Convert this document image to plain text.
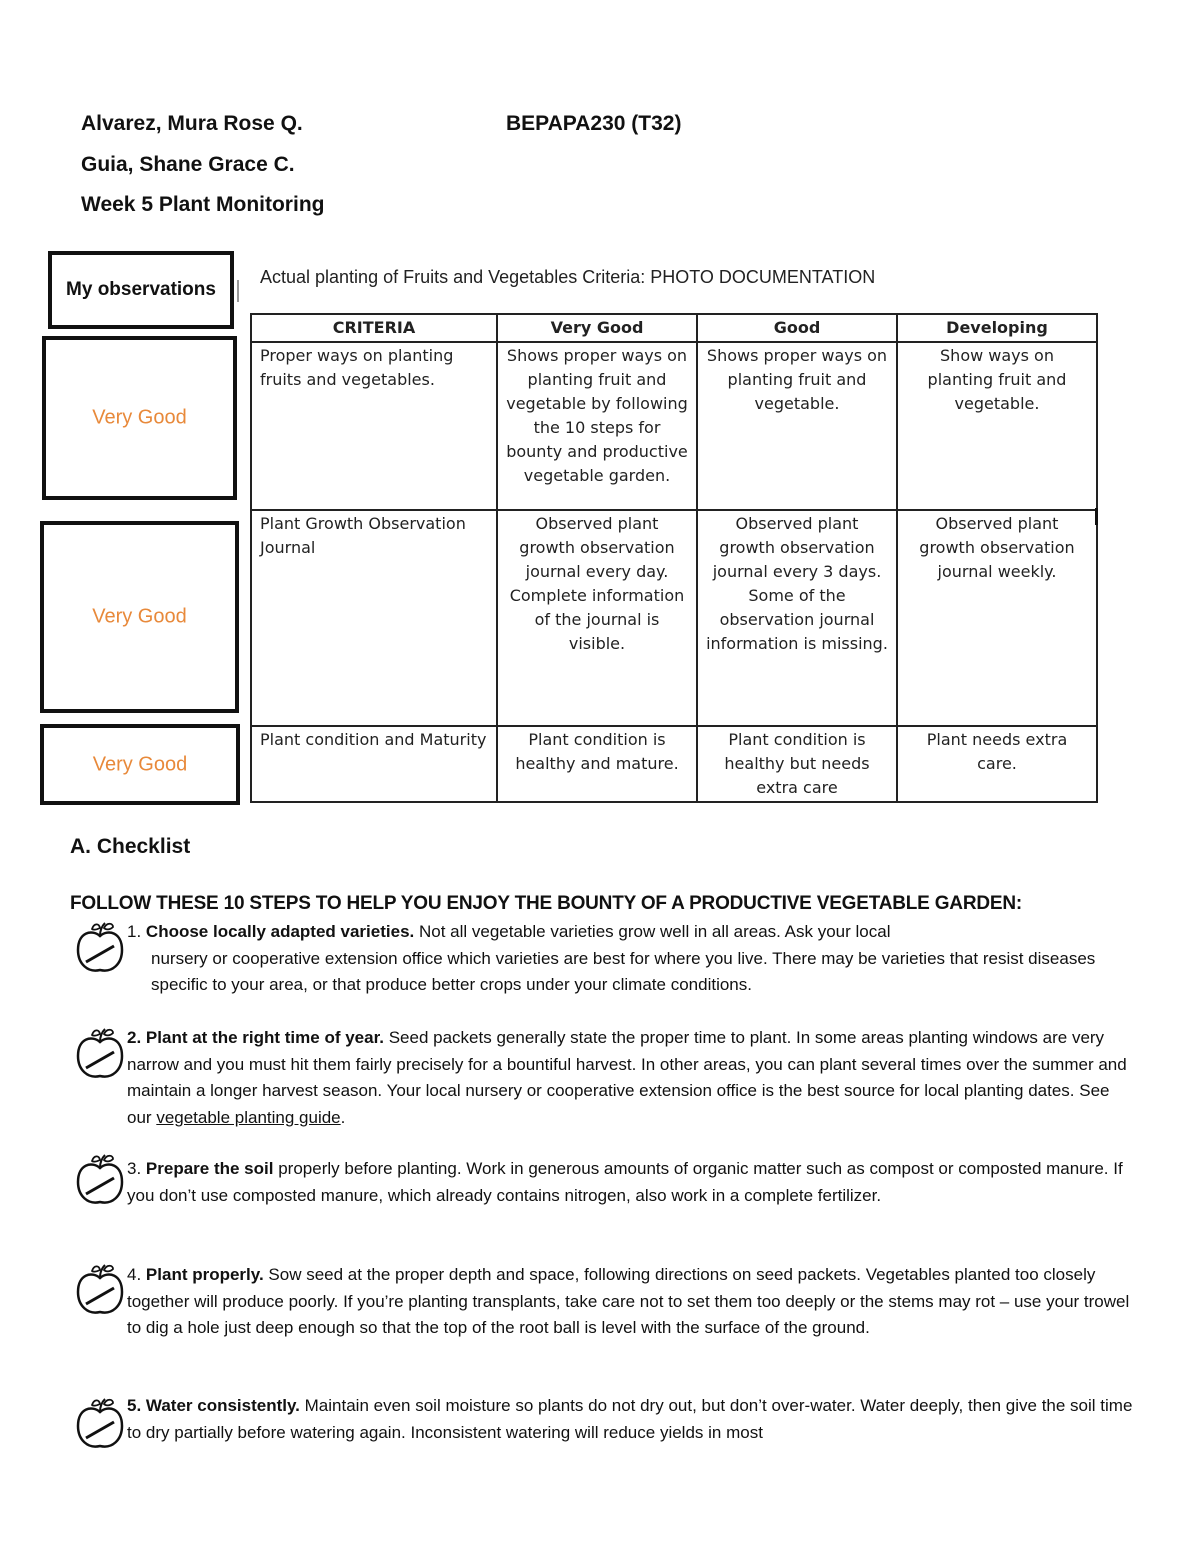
Alvarez, Mura Rose Q.	BEPAPA230 (T32)
Guia, Shane Grace C.
Week 5 Plant Monitoring
My observations
Very Good
Very Good
Very Good
Actual planting of Fruits and Vegetables Criteria: PHOTO DOCUMENTATION
CRITERIA	Very Good	Good	Developing
Proper ways on planting fruits and vegetables.	Shows proper ways on planting fruit and vegetable by following the 10 steps for bounty and productive vegetable garden.	Shows proper ways on planting fruit and vegetable.	Show ways on planting fruit and vegetable.
Plant Growth Observation Journal	Observed plant growth observation journal every day. Complete information of the journal is visible.	Observed plant growth observation journal every 3 days. Some of the observation journal information is missing.	Observed plant growth observation journal weekly.
Plant condition and Maturity	Plant condition is healthy and mature.	Plant condition is healthy but needs extra care	Plant needs extra care.
A. Checklist
FOLLOW THESE 10 STEPS TO HELP YOU ENJOY THE BOUNTY OF A PRODUCTIVE VEGETABLE GARDEN:
1. Choose locally adapted varieties. Not all vegetable varieties grow well in all areas. Ask your local
nursery or cooperative extension office which varieties are best for where you live. There may be varieties that resist diseases specific to your area, or that produce better crops under your climate conditions.
2. Plant at the right time of year. Seed packets generally state the proper time to plant. In some areas planting windows are very narrow and you must hit them fairly precisely for a bountiful harvest. In other areas, you can plant several times over the summer and maintain a longer harvest season. Your local nursery or cooperative extension office is the best source for local planting dates. See our vegetable planting guide.
3. Prepare the soil properly before planting. Work in generous amounts of organic matter such as compost or composted manure. If you don’t use composted manure, which already contains nitrogen, also work in a complete fertilizer.
4. Plant properly. Sow seed at the proper depth and space, following directions on seed packets. Vegetables planted too closely together will produce poorly. If you’re planting transplants, take care not to set them too deeply or the stems may rot – use your trowel to dig a hole just deep enough so that the top of the root ball is level with the surface of the ground.
5. Water consistently. Maintain even soil moisture so plants do not dry out, but don’t over-water. Water deeply, then give the soil time to dry partially before watering again. Inconsistent watering will reduce yields in most
